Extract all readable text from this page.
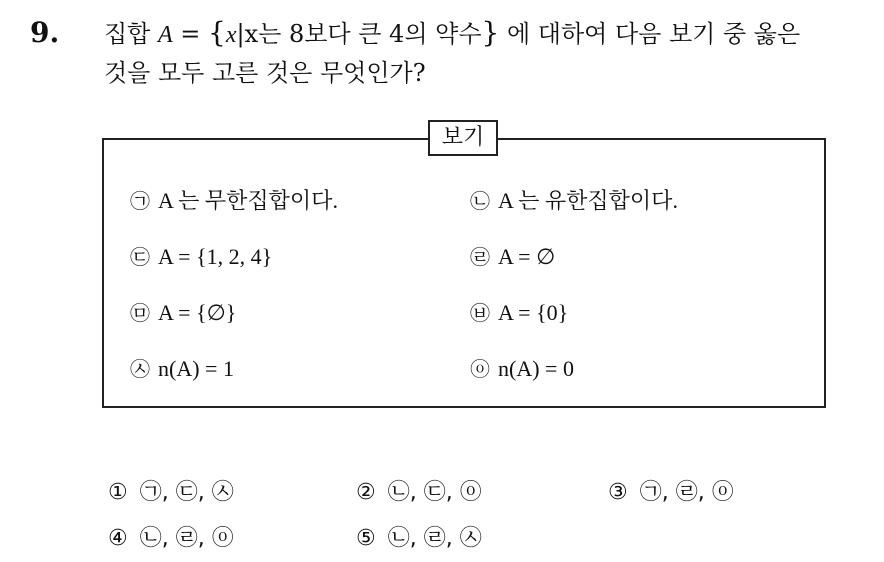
9. 집합 A = {x|x는 8보다 큰 4의 약수} 에 대하여 다음 보기 중 옳은
것을 모두 고른 것은 무엇인가?
보기
㉠ A 는 무한집합이다.	㉡ A 는 유한집합이다.
㉢ A = {1, 2, 4}	㉣ A = ∅
㉤ A = {∅}	㉥ A = {0}
㉦ n(A) = 1	ⓞ n(A) = 0
① ㉠, ㉢, ㉦	② ㉡, ㉢, ⓞ	③ ㉠, ㉣, ⓞ
④ ㉡, ㉣, ⓞ	⑤ ㉡, ㉣, ㉦
